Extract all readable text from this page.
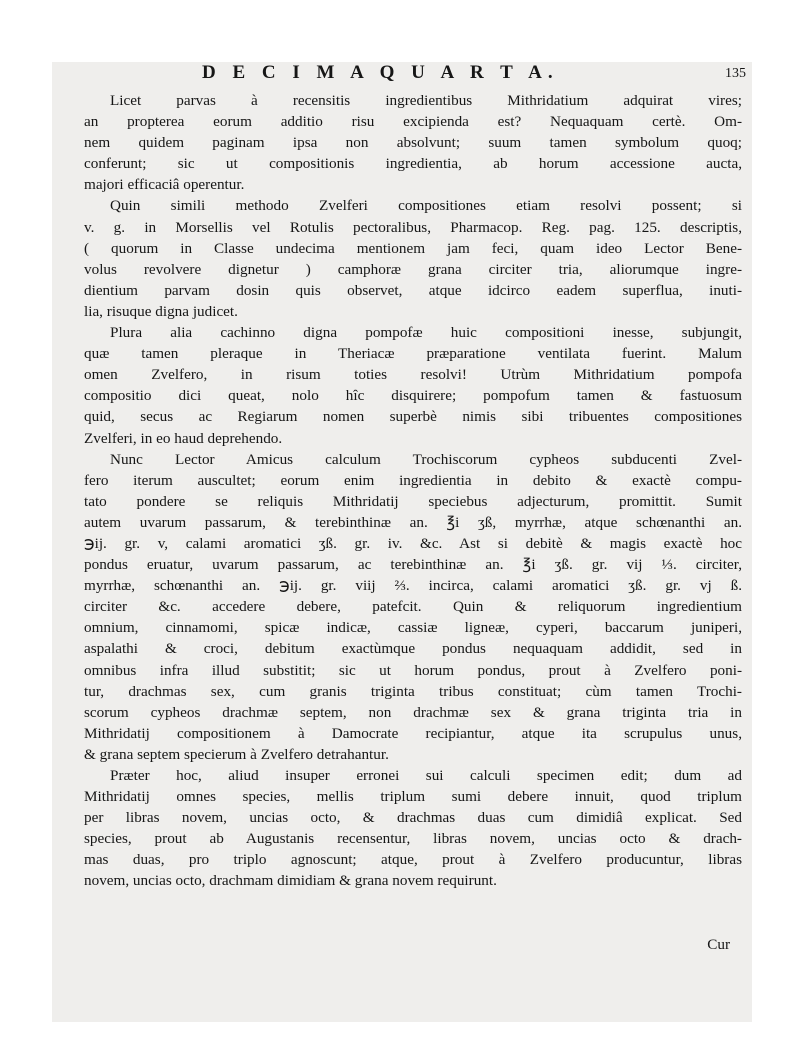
D E C I M A Q U A R T A.	135
Licet parvas à recensitis ingredientibus Mithridatium adquirat vires;
an propterea eorum additio risu excipienda est? Nequaquam certè. Om-
nem quidem paginam ipsa non absolvunt; suum tamen symbolum quoq;
conferunt; sic ut compositionis ingredientia, ab horum accessione aucta,
majori efficaciâ operentur.
Quin simili methodo Zvelferi compositiones etiam resolvi possent; si
v. g. in Morsellis vel Rotulis pectoralibus, Pharmacop. Reg. pag. 125. descriptis,
( quorum in Classe undecima mentionem jam feci, quam ideo Lector Bene-
volus revolvere dignetur ) camphoræ grana circiter tria, aliorumque ingre-
dientium parvam dosin quis observet, atque idcirco eadem superflua, inuti-
lia, risuque digna judicet.
Plura alia cachinno digna pompofæ huic compositioni inesse, subjungit,
quæ tamen pleraque in Theriacæ præparatione ventilata fuerint. Malum
omen Zvelfero, in risum toties resolvi! Utrùm Mithridatium pompofa
compositio dici queat, nolo hîc disquirere; pompofum tamen & fastuosum
quid, secus ac Regiarum nomen superbè nimis sibi tribuentes compositiones
Zvelferi, in eo haud deprehendo.
Nunc Lector Amicus calculum Trochiscorum cypheos subducenti Zvel-
fero iterum auscultet; eorum enim ingredientia in debito & exactè compu-
tato pondere se reliquis Mithridatij speciebus adjecturum, promittit. Sumit
autem uvarum passarum, & terebinthinæ an. ℥i ʒß, myrrhæ, atque schœnanthi an.
℈ij. gr. v, calami aromatici ʒß. gr. iv. &c. Ast si debitè & magis exactè hoc
pondus eruatur, uvarum passarum, ac terebinthinæ an. ℥i ʒß. gr. vij ⅓. circiter,
myrrhæ, schœnanthi an. ℈ij. gr. viij ⅔. incirca, calami aromatici ʒß. gr. vj ß.
circiter &c. accedere debere, patefcit. Quin & reliquorum ingredientium
omnium, cinnamomi, spicæ indicæ, cassiæ ligneæ, cyperi, baccarum juniperi,
aspalathi & croci, debitum exactùmque pondus nequaquam addidit, sed in
omnibus infra illud substitit; sic ut horum pondus, prout à Zvelfero poni-
tur, drachmas sex, cum granis triginta tribus constituat; cùm tamen Trochi-
scorum cypheos drachmæ septem, non drachmæ sex & grana triginta tria in
Mithridatij compositionem à Damocrate recipiantur, atque ita scrupulus unus,
& grana septem specierum à Zvelfero detrahantur.
Præter hoc, aliud insuper erronei sui calculi specimen edit; dum ad
Mithridatij omnes species, mellis triplum sumi debere innuit, quod triplum
per libras novem, uncias octo, & drachmas duas cum dimidiâ explicat. Sed
species, prout ab Augustanis recensentur, libras novem, uncias octo & drach-
mas duas, pro triplo agnoscunt; atque, prout à Zvelfero producuntur, libras
novem, uncias octo, drachmam dimidiam & grana novem requirunt.
Cur
